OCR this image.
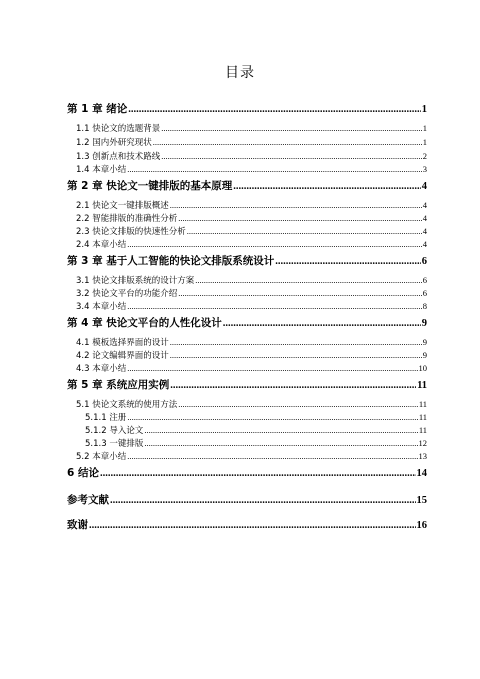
目录
第 1 章 绪论 .....	1
1.1 快论文的选题背景 .....	1
1.2 国内外研究现状 .....	1
1.3 创新点和技术路线 .....	2
1.4 本章小结 .....	3
第 2 章 快论文一键排版的基本原理 .....	4
2.1 快论文一键排版概述 .....	4
2.2 智能排版的准确性分析 .....	4
2.3 快论文排版的快速性分析 .....	4
2.4 本章小结 .....	4
第 3 章 基于人工智能的快论文排版系统设计 .....	6
3.1 快论文排版系统的设计方案 .....	6
3.2 快论文平台的功能介绍 .....	6
3.4 本章小结 .....	8
第 4 章 快论文平台的人性化设计 .....	9
4.1 模板选择界面的设计 .....	9
4.2 论文编辑界面的设计 .....	9
4.3 本章小结 .....	10
第 5 章 系统应用实例 .....	11
5.1 快论文系统的使用方法 .....	11
5.1.1 注册 .....	11
5.1.2 导入论文 .....	11
5.1.3 一键排版 .....	12
5.2 本章小结 .....	13
6 结论 .....	14
参考文献 .....	15
致谢 .....	16
